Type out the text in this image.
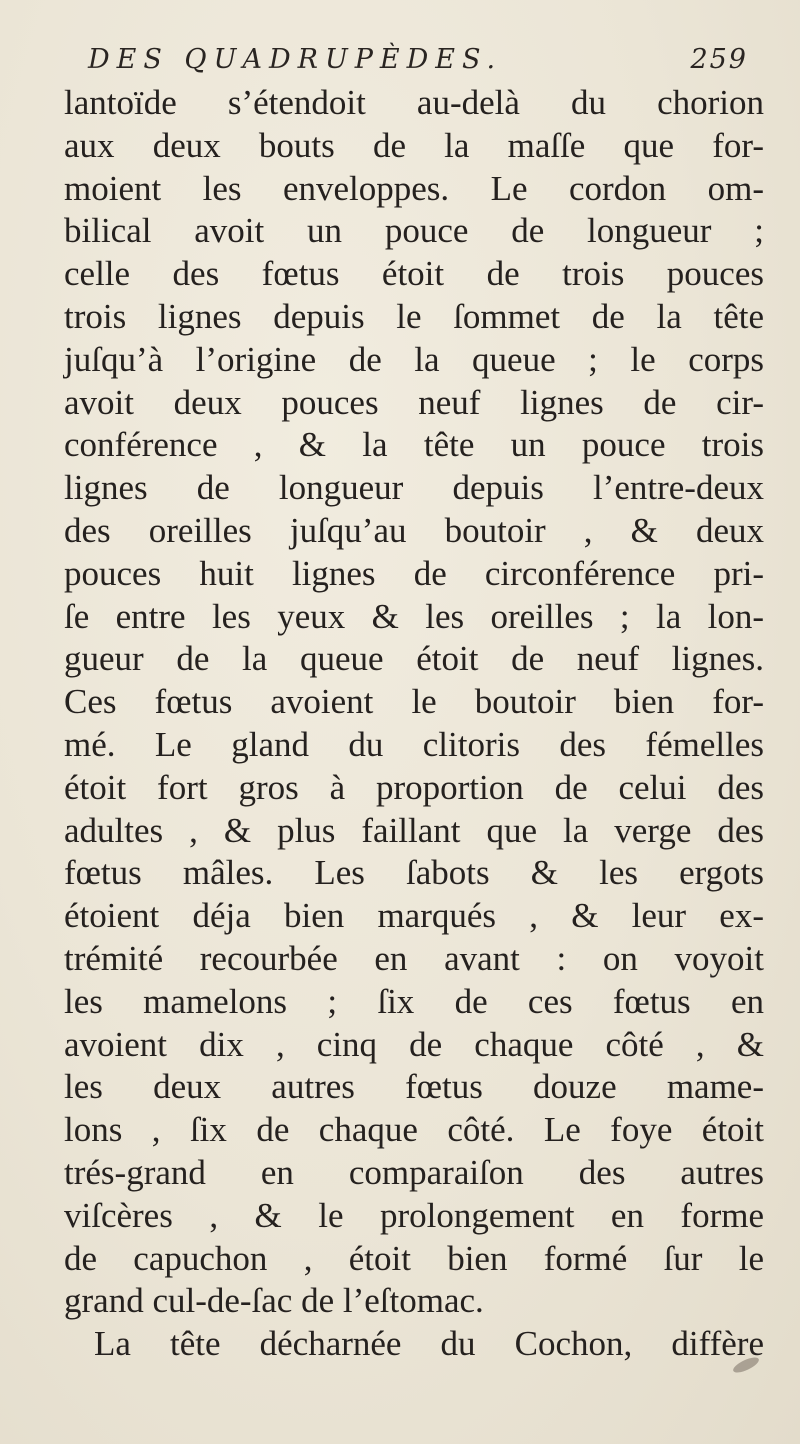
DES QUADRUPÈDES.	259
lantoïde s’étendoit au-delà du chorion
aux deux bouts de la maſſe que for-
moient les enveloppes. Le cordon om-
bilical avoit un pouce de longueur ;
celle des fœtus étoit de trois pouces
trois lignes depuis le ſommet de la tête
juſqu’à l’origine de la queue ; le corps
avoit deux pouces neuf lignes de cir-
conférence , & la tête un pouce trois
lignes de longueur depuis l’entre-deux
des oreilles juſqu’au boutoir , & deux
pouces huit lignes de circonférence pri-
ſe entre les yeux & les oreilles ; la lon-
gueur de la queue étoit de neuf lignes.
Ces fœtus avoient le boutoir bien for-
mé. Le gland du clitoris des fémelles
étoit fort gros à proportion de celui des
adultes , & plus faillant que la verge des
fœtus mâles. Les ſabots & les ergots
étoient déja bien marqués , & leur ex-
trémité recourbée en avant : on voyoit
les mamelons ; ſix de ces fœtus en
avoient dix , cinq de chaque côté , &
les deux autres fœtus douze mame-
lons , ſix de chaque côté. Le foye étoit
trés-grand en comparaiſon des autres
viſcères , & le prolongement en forme
de capuchon , étoit bien formé ſur le
grand cul-de-ſac de l’eſtomac.
La tête décharnée du Cochon, diffère
